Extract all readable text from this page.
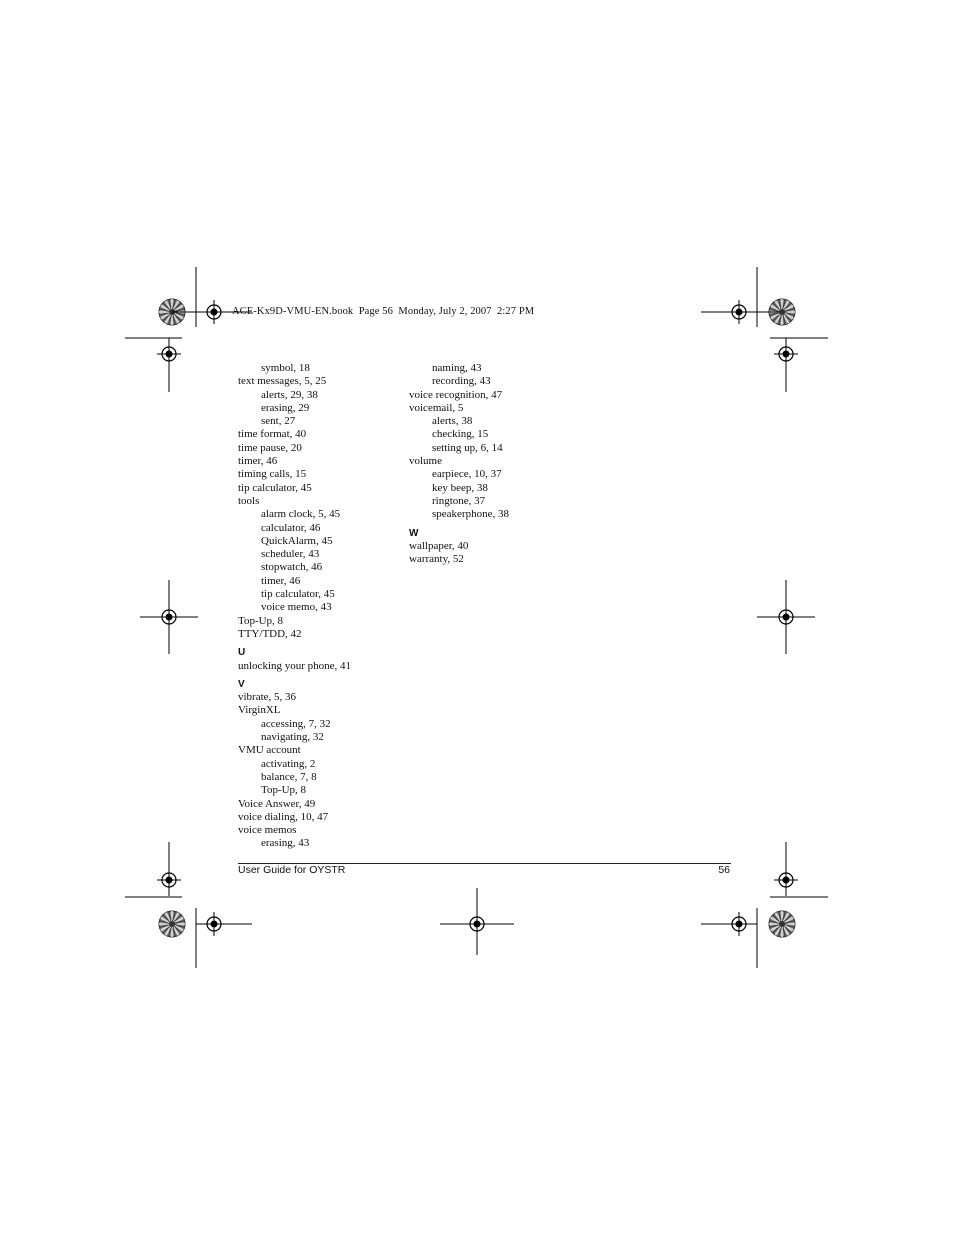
ACE-Kx9D-VMU-EN.book  Page 56  Monday, July 2, 2007  2:27 PM
symbol, 18
text messages, 5, 25
alerts, 29, 38
erasing, 29
sent, 27
time format, 40
time pause, 20
timer, 46
timing calls, 15
tip calculator, 45
tools
alarm clock, 5, 45
calculator, 46
QuickAlarm, 45
scheduler, 43
stopwatch, 46
timer, 46
tip calculator, 45
voice memo, 43
Top-Up, 8
TTY/TDD, 42
U
unlocking your phone, 41
V
vibrate, 5, 36
VirginXL
accessing, 7, 32
navigating, 32
VMU account
activating, 2
balance, 7, 8
Top-Up, 8
Voice Answer, 49
voice dialing, 10, 47
voice memos
erasing, 43
naming, 43
recording, 43
voice recognition, 47
voicemail, 5
alerts, 38
checking, 15
setting up, 6, 14
volume
earpiece, 10, 37
key beep, 38
ringtone, 37
speakerphone, 38
W
wallpaper, 40
warranty, 52
User Guide for OYSTR	56
